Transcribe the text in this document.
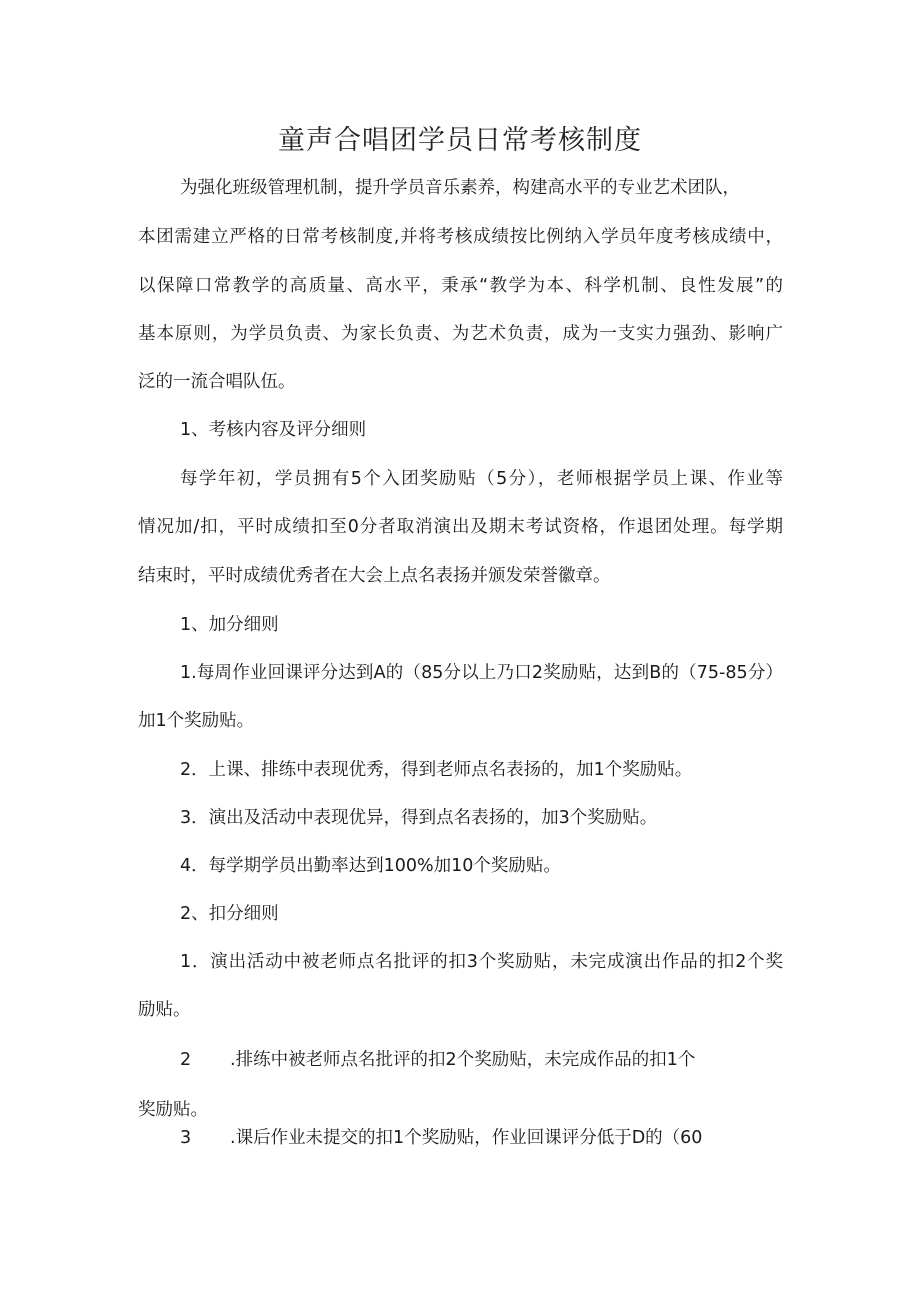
童声合唱团学员日常考核制度
为强化班级管理机制，提升学员音乐素养，构建高水平的专业艺术团队，
本团需建立严格的日常考核制度,并将考核成绩按比例纳入学员年度考核成绩中，
以保障口常教学的高质量、高水平，秉承“教学为本、科学机制、良性发展”的
基本原则，为学员负责、为家长负责、为艺术负责，成为一支实力强劲、影响广
泛的一流合唱队伍。
1、考核内容及评分细则
每学年初，学员拥有5个入团奖励贴（5分），老师根据学员上课、作业等
情况加/扣，平时成绩扣至0分者取消演出及期末考试资格，作退团处理。每学期
结束时，平时成绩优秀者在大会上点名表扬并颁发荣誉徽章。
1、加分细则
1.每周作业回课评分达到A的（85分以上乃口2奖励贴，达到B的（75-85分）
加1个奖励贴。
2．上课、排练中表现优秀，得到老师点名表扬的，加1个奖励贴。
3．演出及活动中表现优异，得到点名表扬的，加3个奖励贴。
4．每学期学员出勤率达到100%加10个奖励贴。
2、扣分细则
1．演出活动中被老师点名批评的扣3个奖励贴，未完成演出作品的扣2个奖
励贴。
2 .排练中被老师点名批评的扣2个奖励贴，未完成作品的扣1个
奖励贴。
3 .课后作业未提交的扣1个奖励贴，作业回课评分低于D的（60
